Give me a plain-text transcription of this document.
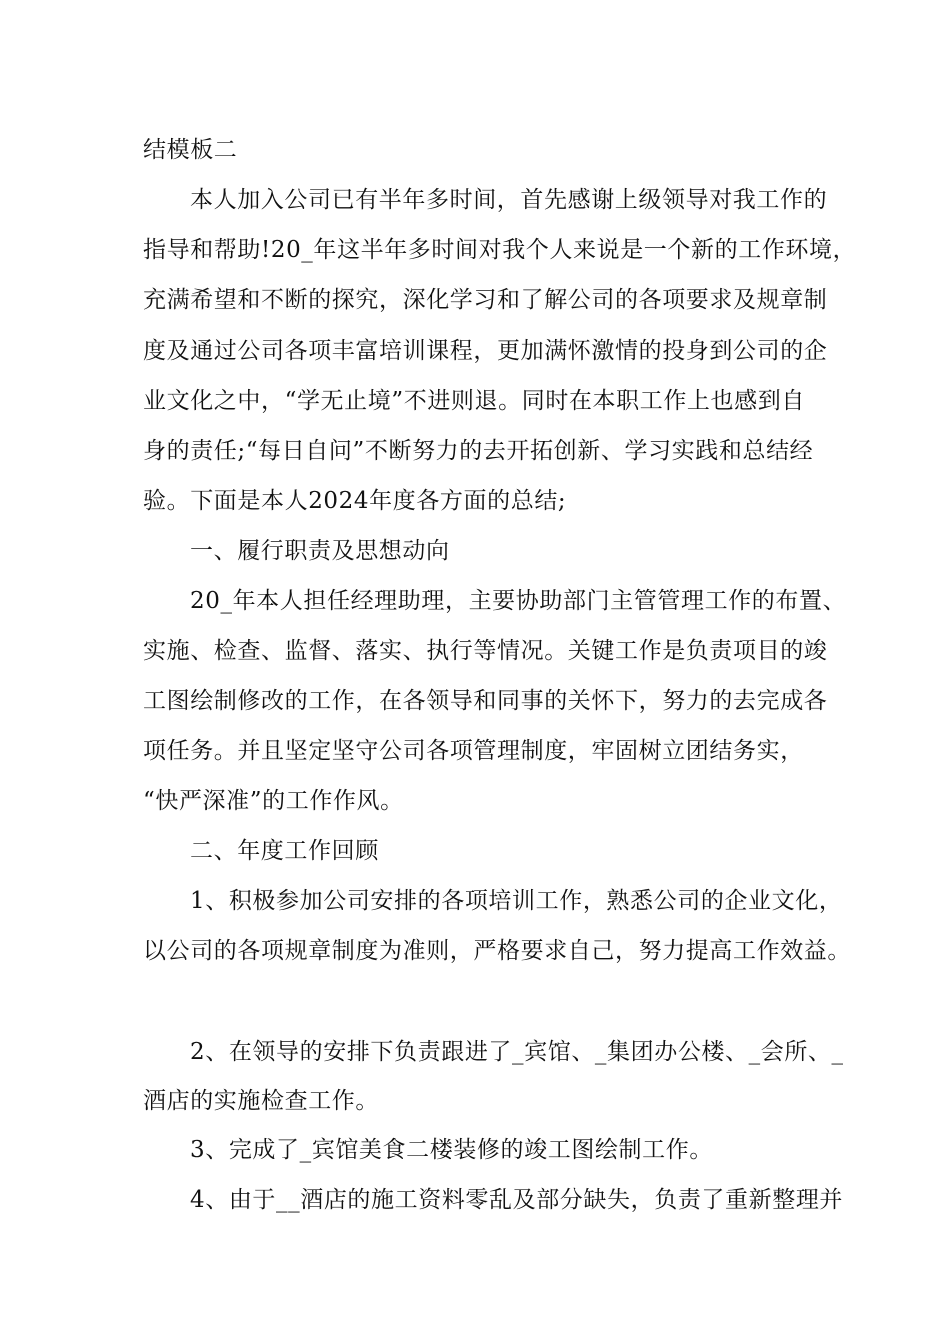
结模板二
本人加入公司已有半年多时间，首先感谢上级领导对我工作的
指导和帮助!20_年这半年多时间对我个人来说是一个新的工作环境，
充满希望和不断的探究，深化学习和了解公司的各项要求及规章制
度及通过公司各项丰富培训课程，更加满怀激情的投身到公司的企
业文化之中，“学无止境”不进则退。同时在本职工作上也感到自
身的责任;“每日自问”不断努力的去开拓创新、学习实践和总结经
验。下面是本人2024年度各方面的总结;
一、履行职责及思想动向
20_年本人担任经理助理，主要协助部门主管管理工作的布置、
实施、检查、监督、落实、执行等情况。关键工作是负责项目的竣
工图绘制修改的工作，在各领导和同事的关怀下，努力的去完成各
项任务。并且坚定坚守公司各项管理制度，牢固树立团结务实，
“快严深准”的工作作风。
二、年度工作回顾
1、积极参加公司安排的各项培训工作，熟悉公司的企业文化，
以公司的各项规章制度为准则，严格要求自己，努力提高工作效益。
2、在领导的安排下负责跟进了_宾馆、_集团办公楼、_会所、_
酒店的实施检查工作。
3、完成了_宾馆美食二楼装修的竣工图绘制工作。
4、由于__酒店的施工资料零乱及部分缺失，负责了重新整理并
